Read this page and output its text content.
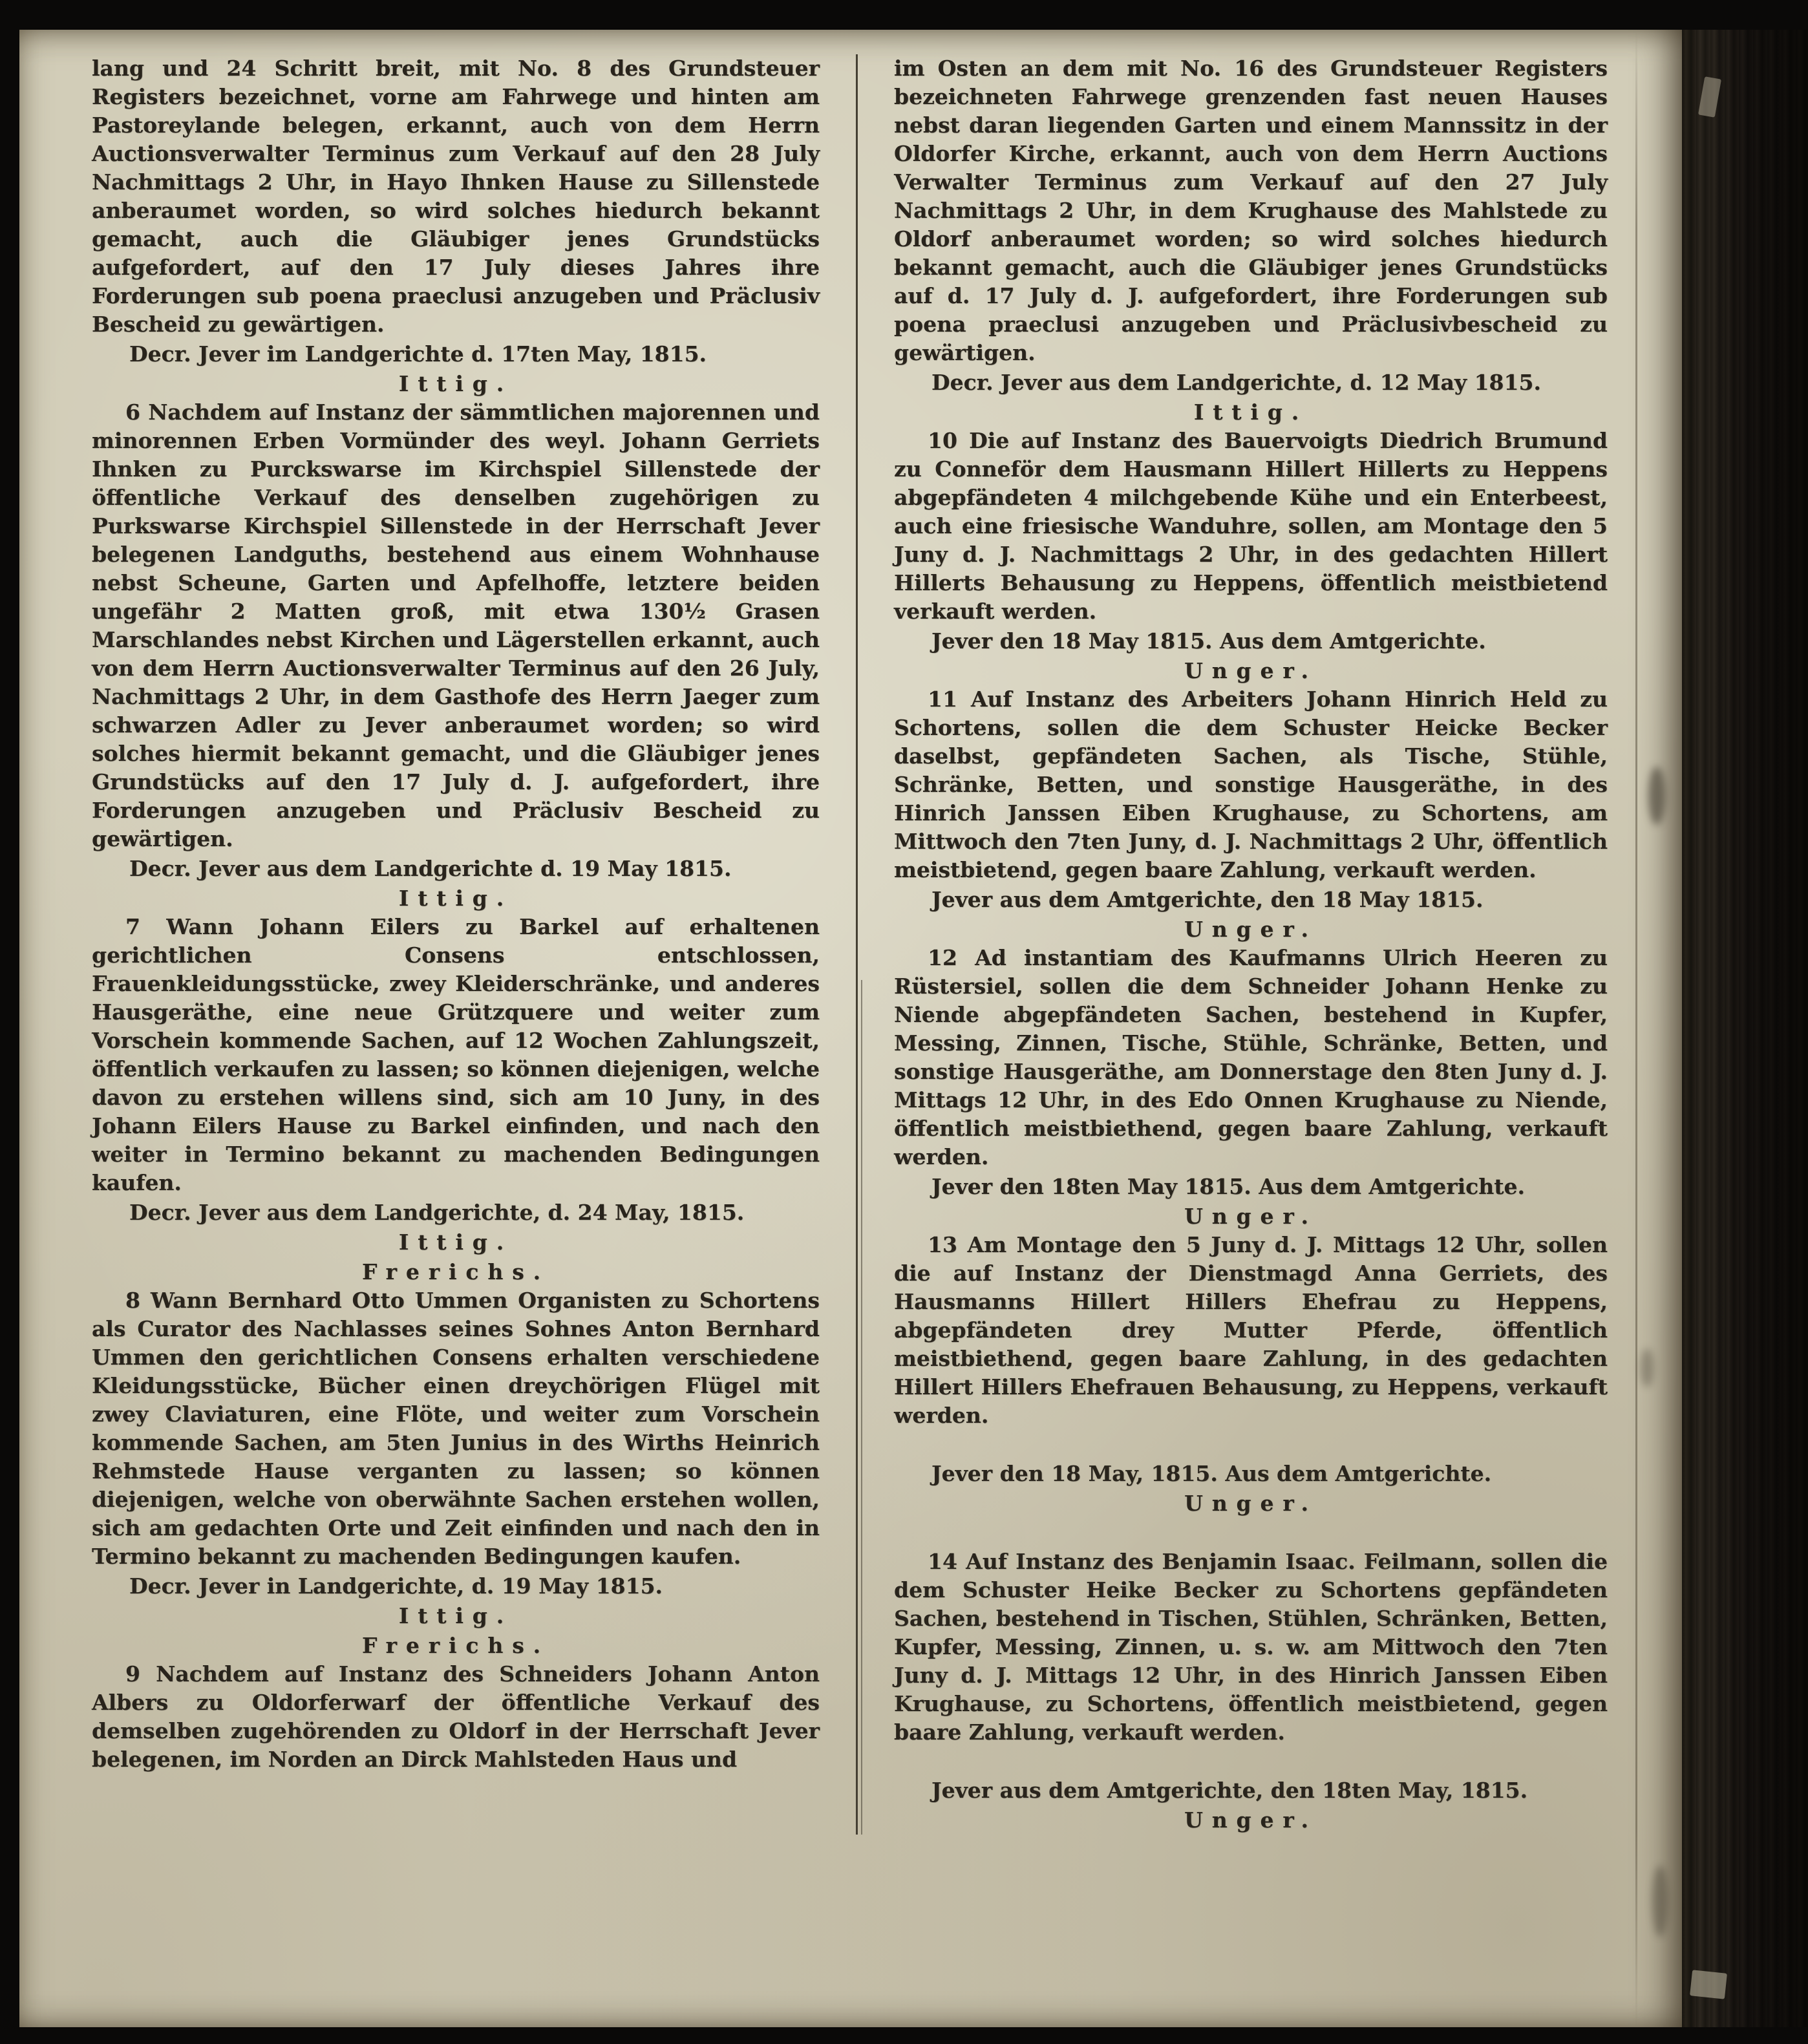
lang und 24 Schritt breit, mit No. 8 des Grundsteuer Registers bezeichnet, vorne am Fahrwege und hinten am Pastoreylande belegen, erkannt, auch von dem Herrn Auctionsverwalter Terminus zum Verkauf auf den 28 July Nachmittags 2 Uhr, in Hayo Ihnken Hause zu Sillenstede anberaumet worden, so wird solches hiedurch bekannt gemacht, auch die Gläubiger jenes Grundstücks aufgefordert, auf den 17 July dieses Jahres ihre Forderungen sub poena praeclusi anzugeben und Präclusiv Bescheid zu gewärtigen.

Decr. Jever im Landgerichte d. 17ten May, 1815.

Ittig.

6 Nachdem auf Instanz der sämmtlichen majorennen und minorennen Erben Vormünder des weyl. Johann Gerriets Ihnken zu Purckswarse im Kirchspiel Sillenstede der öffentliche Verkauf des denselben zugehörigen zu Purkswarse Kirchspiel Sillenstede in der Herrschaft Jever belegenen Landguths, bestehend aus einem Wohnhause nebst Scheune, Garten und Apfelhoffe, letztere beiden ungefähr 2 Matten groß, mit etwa 130½ Grasen Marschlandes nebst Kirchen und Lägerstellen erkannt, auch von dem Herrn Auctionsverwalter Terminus auf den 26 July, Nachmittags 2 Uhr, in dem Gasthofe des Herrn Jaeger zum schwarzen Adler zu Jever anberaumet worden; so wird solches hiermit bekannt gemacht, und die Gläubiger jenes Grundstücks auf den 17 July d. J. aufgefordert, ihre Forderungen anzugeben und Präclusiv Bescheid zu gewärtigen.

Decr. Jever aus dem Landgerichte d. 19 May 1815.

Ittig.

7 Wann Johann Eilers zu Barkel auf erhaltenen gerichtlichen Consens entschlossen, Frauenkleidungsstücke, zwey Kleiderschränke, und anderes Hausgeräthe, eine neue Grützquere und weiter zum Vorschein kommende Sachen, auf 12 Wochen Zahlungszeit, öffentlich verkaufen zu lassen; so können diejenigen, welche davon zu erstehen willens sind, sich am 10 Juny, in des Johann Eilers Hause zu Barkel einfinden, und nach den weiter in Termino bekannt zu machenden Bedingungen kaufen.

Decr. Jever aus dem Landgerichte, d. 24 May, 1815.

Ittig.

Frerichs.

8 Wann Bernhard Otto Ummen Organisten zu Schortens als Curator des Nachlasses seines Sohnes Anton Bernhard Ummen den gerichtlichen Consens erhalten verschiedene Kleidungsstücke, Bücher einen dreychörigen Flügel mit zwey Claviaturen, eine Flöte, und weiter zum Vorschein kommende Sachen, am 5ten Junius in des Wirths Heinrich Rehmstede Hause verganten zu lassen; so können diejenigen, welche von oberwähnte Sachen erstehen wollen, sich am gedachten Orte und Zeit einfinden und nach den in Termino bekannt zu machenden Bedingungen kaufen.

Decr. Jever in Landgerichte, d. 19 May 1815.

Ittig.

Frerichs.

9 Nachdem auf Instanz des Schneiders Johann Anton Albers zu Oldorferwarf der öffentliche Verkauf des demselben zugehörenden zu Oldorf in der Herrschaft Jever belegenen, im Norden an Dirck Mahlsteden Haus und

im Osten an dem mit No. 16 des Grundsteuer Registers bezeichneten Fahrwege grenzenden fast neuen Hauses nebst daran liegenden Garten und einem Mannssitz in der Oldorfer Kirche, erkannt, auch von dem Herrn Auctions Verwalter Terminus zum Verkauf auf den 27 July Nachmittags 2 Uhr, in dem Krughause des Mahlstede zu Oldorf anberaumet worden; so wird solches hiedurch bekannt gemacht, auch die Gläubiger jenes Grundstücks auf d. 17 July d. J. aufgefordert, ihre Forderungen sub poena praeclusi anzugeben und Präclusivbescheid zu gewärtigen.

Decr. Jever aus dem Landgerichte, d. 12 May 1815.

Ittig.

10 Die auf Instanz des Bauervoigts Diedrich Brumund zu Conneför dem Hausmann Hillert Hillerts zu Heppens abgepfändeten 4 milchgebende Kühe und ein Enterbeest, auch eine friesische Wanduhre, sollen, am Montage den 5 Juny d. J. Nachmittags 2 Uhr, in des gedachten Hillert Hillerts Behausung zu Heppens, öffentlich meistbietend verkauft werden.

Jever den 18 May 1815. Aus dem Amtgerichte.

Unger.

11 Auf Instanz des Arbeiters Johann Hinrich Held zu Schortens, sollen die dem Schuster Heicke Becker daselbst, gepfändeten Sachen, als Tische, Stühle, Schränke, Betten, und sonstige Hausgeräthe, in des Hinrich Janssen Eiben Krughause, zu Schortens, am Mittwoch den 7ten Juny, d. J. Nachmittags 2 Uhr, öffentlich meistbietend, gegen baare Zahlung, verkauft werden.

Jever aus dem Amtgerichte, den 18 May 1815.

Unger.

12 Ad instantiam des Kaufmanns Ulrich Heeren zu Rüstersiel, sollen die dem Schneider Johann Henke zu Niende abgepfändeten Sachen, bestehend in Kupfer, Messing, Zinnen, Tische, Stühle, Schränke, Betten, und sonstige Hausgeräthe, am Donnerstage den 8ten Juny d. J. Mittags 12 Uhr, in des Edo Onnen Krughause zu Niende, öffentlich meistbiethend, gegen baare Zahlung, verkauft werden.

Jever den 18ten May 1815. Aus dem Amtgerichte.

Unger.

13 Am Montage den 5 Juny d. J. Mittags 12 Uhr, sollen die auf Instanz der Dienstmagd Anna Gerriets, des Hausmanns Hillert Hillers Ehefrau zu Heppens, abgepfändeten drey Mutter Pferde, öffentlich meistbiethend, gegen baare Zahlung, in des gedachten Hillert Hillers Ehefrauen Behausung, zu Heppens, verkauft werden.

Jever den 18 May, 1815. Aus dem Amtgerichte.

Unger.

14 Auf Instanz des Benjamin Isaac. Feilmann, sollen die dem Schuster Heike Becker zu Schortens gepfändeten Sachen, bestehend in Tischen, Stühlen, Schränken, Betten, Kupfer, Messing, Zinnen, u. s. w. am Mittwoch den 7ten Juny d. J. Mittags 12 Uhr, in des Hinrich Janssen Eiben Krughause, zu Schortens, öffentlich meistbietend, gegen baare Zahlung, verkauft werden.

Jever aus dem Amtgerichte, den 18ten May, 1815.

Unger.
